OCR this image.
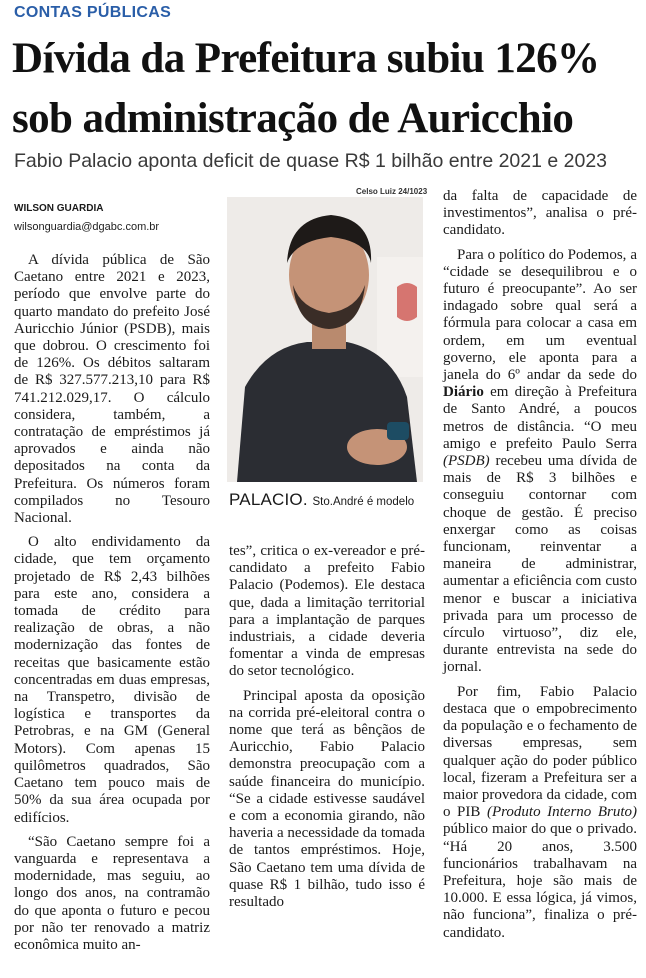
CONTAS PÚBLICAS
Dívida da Prefeitura subiu 126%
sob administração de Auricchio
Fabio Palacio aponta deficit de quase R$ 1 bilhão entre 2021 e 2023
WILSON GUARDIA
wilsonguardia@dgabc.com.br
Celso Luiz 24/1023
PALACIO. Sto.André é modelo

A dívida pública de São Caetano entre 2021 e 2023, período que envolve parte do quarto mandato do prefeito José Auricchio Júnior (PSDB), mais que dobrou. O crescimento foi de 126%. Os débitos saltaram de R$ 327.577.213,10 para R$ 741.212.029,17. O cálculo considera, também, a contratação de empréstimos já aprovados e ainda não depositados na conta da Prefeitura. Os números foram compilados no Tesouro Nacional.

O alto endividamento da cidade, que tem orçamento projetado de R$ 2,43 bilhões para este ano, considera a tomada de crédito para realização de obras, a não modernização das fontes de receitas que basicamente estão concentradas em duas empresas, na Transpetro, divisão de logística e transportes da Petrobras, e na GM (General Motors). Com apenas 15 quilômetros quadrados, São Caetano tem pouco mais de 50% da sua área ocupada por edifícios.

“São Caetano sempre foi a vanguarda e representava a modernidade, mas seguiu, ao longo dos anos, na contramão do que aponta o futuro e pecou por não ter renovado a matriz econômica muito an-

tes”, critica o ex-vereador e pré-candidato a prefeito Fabio Palacio (Podemos). Ele destaca que, dada a limitação territorial para a implantação de parques industriais, a cidade deveria fomentar a vinda de empresas do setor tecnológico.

Principal aposta da oposição na corrida pré-eleitoral contra o nome que terá as bênçãos de Auricchio, Fabio Palacio demonstra preocupação com a saúde financeira do município. “Se a cidade estivesse saudável e com a economia girando, não haveria a necessidade da tomada de tantos empréstimos. Hoje, São Caetano tem uma dívida de quase R$ 1 bilhão, tudo isso é resultado

da falta de capacidade de investimentos”, analisa o pré-candidato.

Para o político do Podemos, a “cidade se desequilibrou e o futuro é preocupante”. Ao ser indagado sobre qual será a fórmula para colocar a casa em ordem, em um eventual governo, ele aponta para a janela do 6º andar da sede do Diário em direção à Prefeitura de Santo André, a poucos metros de distância. “O meu amigo e prefeito Paulo Serra (PSDB) recebeu uma dívida de mais de R$ 3 bilhões e conseguiu contornar com choque de gestão. É preciso enxergar como as coisas funcionam, reinventar a maneira de administrar, aumentar a eficiência com custo menor e buscar a iniciativa privada para um processo de círculo virtuoso”, diz ele, durante entrevista na sede do jornal.

Por fim, Fabio Palacio destaca que o empobrecimento da população e o fechamento de diversas empresas, sem qualquer ação do poder público local, fizeram a Prefeitura ser a maior provedora da cidade, com o PIB (Produto Interno Bruto) público maior do que o privado. “Há 20 anos, 3.500 funcionários trabalhavam na Prefeitura, hoje são mais de 10.000. E essa lógica, já vimos, não funciona”, finaliza o pré-candidato.
